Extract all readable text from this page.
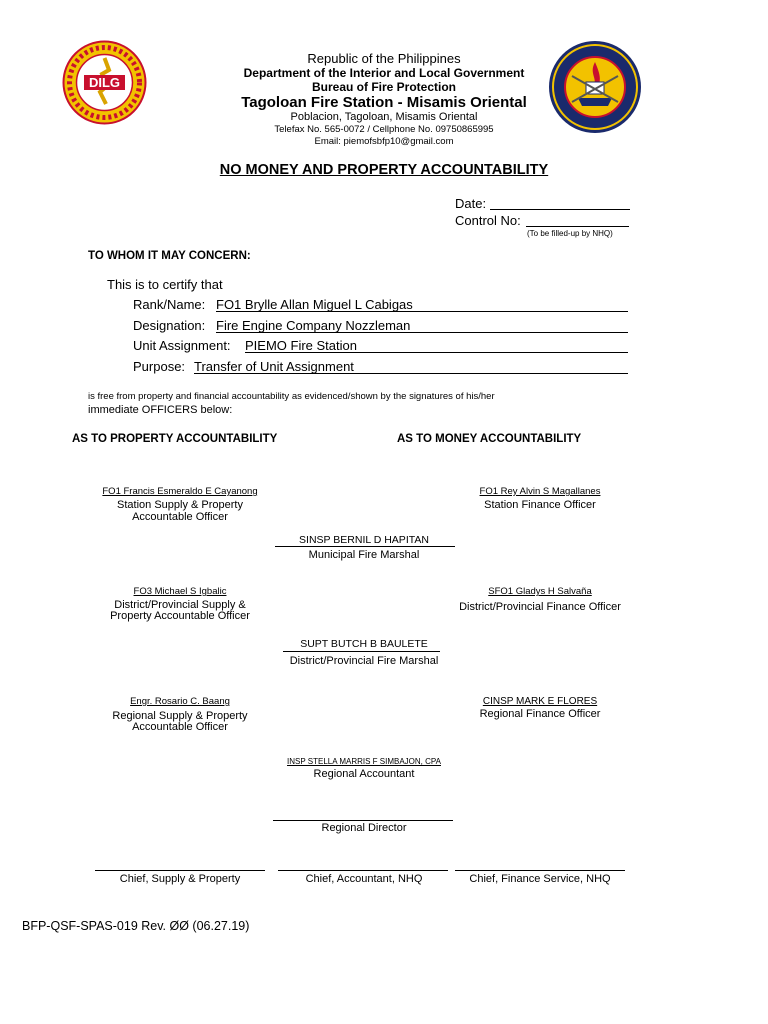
DILG
Republic of the Philippines
Department of the Interior and Local Government
Bureau of Fire Protection
Tagoloan Fire Station - Misamis Oriental
Poblacion, Tagoloan, Misamis Oriental
Telefax No. 565-0072 / Cellphone No. 09750865995
Email: piemofsbfp10@gmail.com
NO MONEY AND PROPERTY ACCOUNTABILITY
Date:
Control No:
(To be filled-up by NHQ)
TO WHOM IT MAY CONCERN:
This is to certify that
Rank/Name: FO1 Brylle Allan Miguel L Cabigas
Designation: Fire Engine Company Nozzleman
Unit Assignment: PIEMO Fire Station
Purpose: Transfer of Unit Assignment
is free from property and financial accountability as evidenced/shown by the signatures of his/her
immediate OFFICERS below:
AS TO PROPERTY ACCOUNTABILITY	AS TO MONEY ACCOUNTABILITY
FO1 Francis Esmeraldo E Cayanong
Station Supply & Property
Accountable Officer
FO1 Rey Alvin S Magallanes
Station Finance Officer
SINSP BERNIL D HAPITAN
Municipal Fire Marshal
FO3 Michael S Igbalic
District/Provincial Supply &
Property Accountable Officer
SFO1 Gladys H Salvaña
District/Provincial Finance Officer
SUPT BUTCH B BAULETE
District/Provincial Fire Marshal
Engr. Rosario C. Baang
Regional Supply & Property
Accountable Officer
CINSP MARK E FLORES
Regional Finance Officer
INSP STELLA MARRIS F SIMBAJON, CPA
Regional Accountant
Regional Director
Chief, Supply & Property	Chief, Accountant, NHQ	Chief, Finance Service, NHQ
BFP-QSF-SPAS-019 Rev. ØØ (06.27.19)
